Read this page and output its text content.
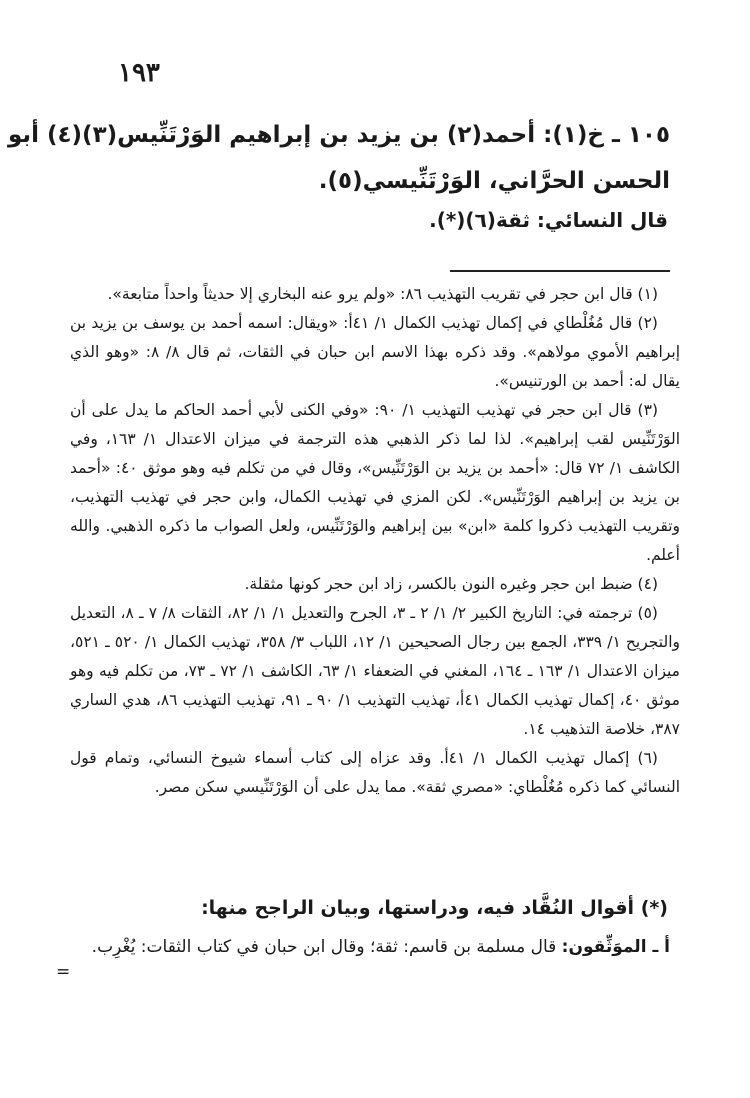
١٩٣
١٠٥ ـ خ(١): أحمد(٢) بن يزيد بن إبراهيم الوَرْتَنِّيس(٣)(٤) أبو
الحسن الحرَّاني، الوَرْتَنِّيسي(٥).
قال النسائي: ثقة(٦)(*).

(١) قال ابن حجر في تقريب التهذيب ٨٦: «ولم يرو عنه البخاري إلا حديثاً واحداً متابعة».

(٢) قال مُغُلْطاي في إكمال تهذيب الكمال ١/ ٤١أ: «ويقال: اسمه أحمد بن يوسف بن يزيد بن إبراهيم الأموي مولاهم». وقد ذكره بهذا الاسم ابن حبان في الثقات، ثم قال ٨/ ٨: «وهو الذي يقال له: أحمد بن الورتنيس».

(٣) قال ابن حجر في تهذيب التهذيب ١/ ٩٠: «وفي الكنى لأبي أحمد الحاكم ما يدل على أن الوَرْتَنِّيس لقب إبراهيم». لذا لما ذكر الذهبي هذه الترجمة في ميزان الاعتدال ١/ ١٦٣، وفي الكاشف ١/ ٧٢ قال: «أحمد بن يزيد بن الوَرْتَنِّيس»، وقال في من تكلم فيه وهو موثق ٤٠: «أحمد بن يزيد بن إبراهيم الوَرْتَنِّيس». لكن المزي في تهذيب الكمال، وابن حجر في تهذيب التهذيب، وتقريب التهذيب ذكروا كلمة «ابن» بين إبراهيم والوَرْتَنِّيس، ولعل الصواب ما ذكره الذهبي. والله أعلم.

(٤) ضبط ابن حجر وغيره النون بالكسر، زاد ابن حجر كونها مثقلة.

(٥) ترجمته في: التاريخ الكبير ٢/ ١/ ٢ ـ ٣، الجرح والتعديل ١/ ١/ ٨٢، الثقات ٨/ ٧ ـ ٨، التعديل والتجريح ١/ ٣٣٩، الجمع بين رجال الصحيحين ١/ ١٢، اللباب ٣/ ٣٥٨، تهذيب الكمال ١/ ٥٢٠ ـ ٥٢١، ميزان الاعتدال ١/ ١٦٣ ـ ١٦٤، المغني في الضعفاء ١/ ٦٣، الكاشف ١/ ٧٢ ـ ٧٣، من تكلم فيه وهو موثق ٤٠، إكمال تهذيب الكمال ٤١أ، تهذيب التهذيب ١/ ٩٠ ـ ٩١، تهذيب التهذيب ٨٦، هدي الساري ٣٨٧، خلاصة التذهيب ١٤.

(٦) إكمال تهذيب الكمال ١/ ٤١أ. وقد عزاه إلى كتاب أسماء شيوخ النسائي، وتمام قول النسائي كما ذكره مُغُلْطاي: «مصري ثقة». مما يدل على أن الوَرْتَنِّيسي سكن مصر.

(*) أقوال النُقَّاد فيه، ودراستها، وبيان الراجح منها:
أ ـ الموَثِّقون: قال مسلمة بن قاسم: ثقة؛ وقال ابن حبان في كتاب الثقات: يُغْرِب.
=
